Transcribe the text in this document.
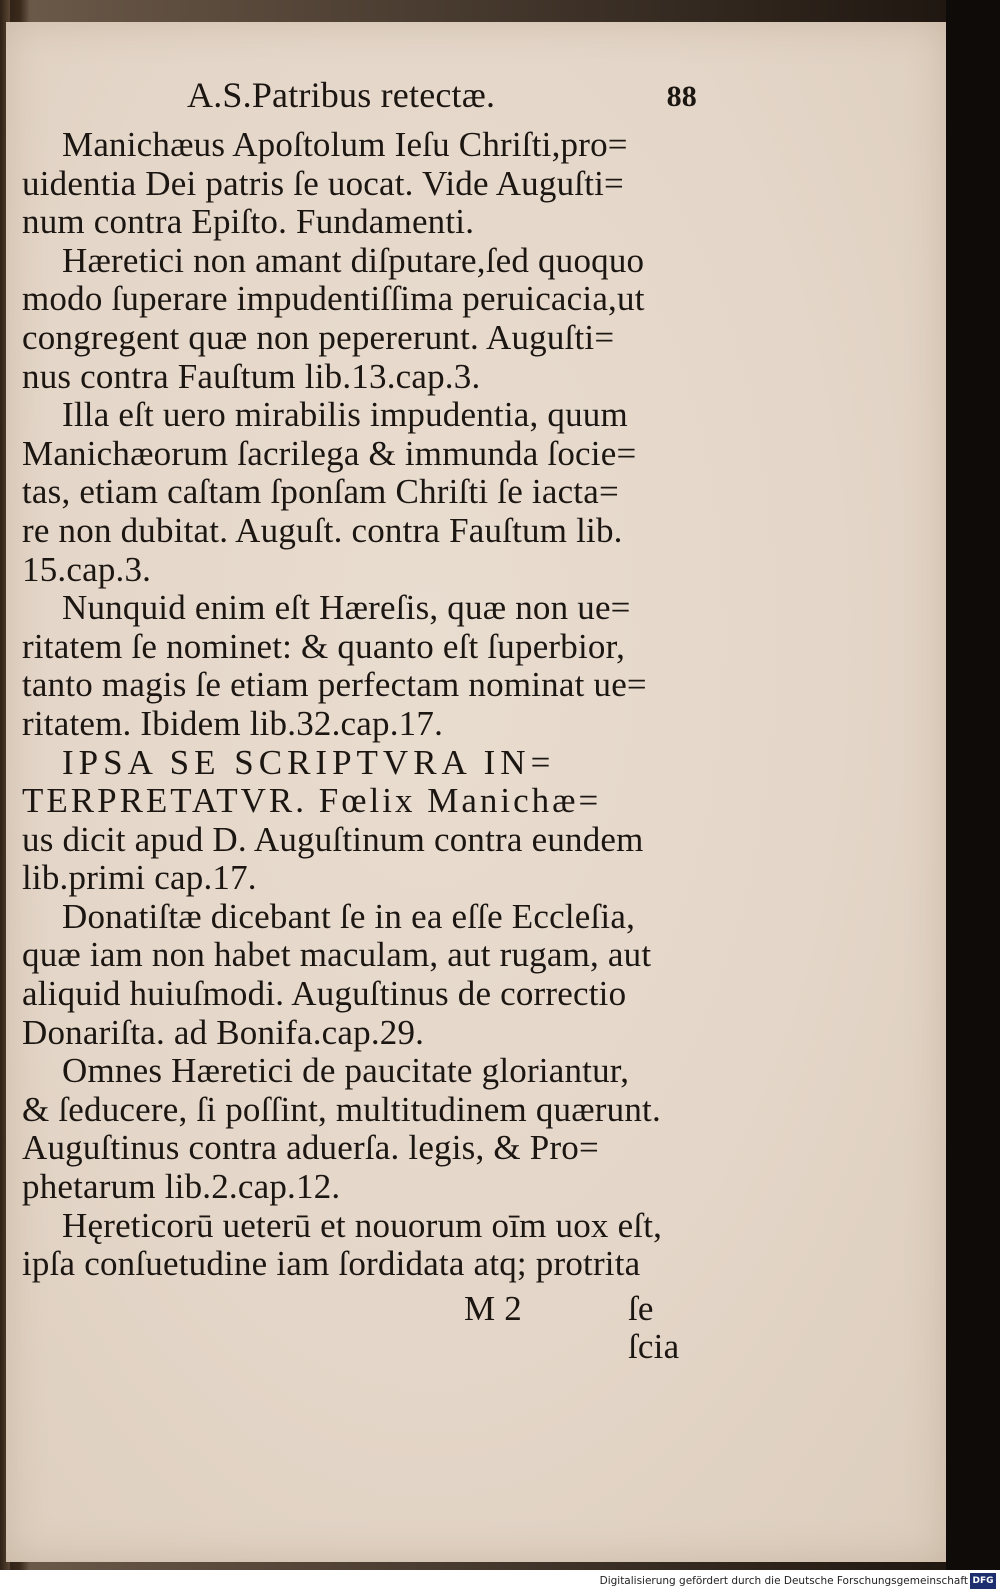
A.S.Patribus retectæ.	88

Manichæus Apoſtolum Ieſu Chriſti,pro=
uidentia Dei patris ſe uocat. Vide Auguſti=
num contra Epiſto. Fundamenti.

Hæretici non amant diſputare,ſed quoquo
modo ſuperare impudentiſſima peruicacia,ut
congregent quæ non pepererunt. Auguſti=
nus contra Fauſtum lib.13.cap.3.

Illa eſt uero mirabilis impudentia, quum
Manichæorum ſacrilega & immunda ſocie=
tas, etiam caſtam ſponſam Chriſti ſe iacta=
re non dubitat. Auguſt. contra Fauſtum lib.
15.cap.3.

Nunquid enim eſt Hæreſis, quæ non ue=
ritatem ſe nominet: & quanto eſt ſuperbior,
tanto magis ſe etiam perfectam nominat ue=
ritatem. Ibidem lib.32.cap.17.

IPSA SE SCRIPTVRA IN=
TERPRETATVR. Fœlix Manichæ=
us dicit apud D. Auguſtinum contra eundem
lib.primi cap.17.

Donatiſtæ dicebant ſe in ea eſſe Eccleſia,
quæ iam non habet maculam, aut rugam, aut
aliquid huiuſmodi. Auguſtinus de correctio
Donariſta. ad Bonifa.cap.29.

Omnes Hæretici de paucitate gloriantur,
& ſeducere, ſi poſſint, multitudinem quærunt.
Auguſtinus contra aduerſa. legis, & Pro=
phetarum lib.2.cap.12.

Hęreticorū ueterū et nouorum oīm uox eſt,
ipſa conſuetudine iam ſordidata atq; protrita

M 2	ſe ſcia
Digitalisierung gefördert durch die Deutsche Forschungsgemeinschaft DFG
